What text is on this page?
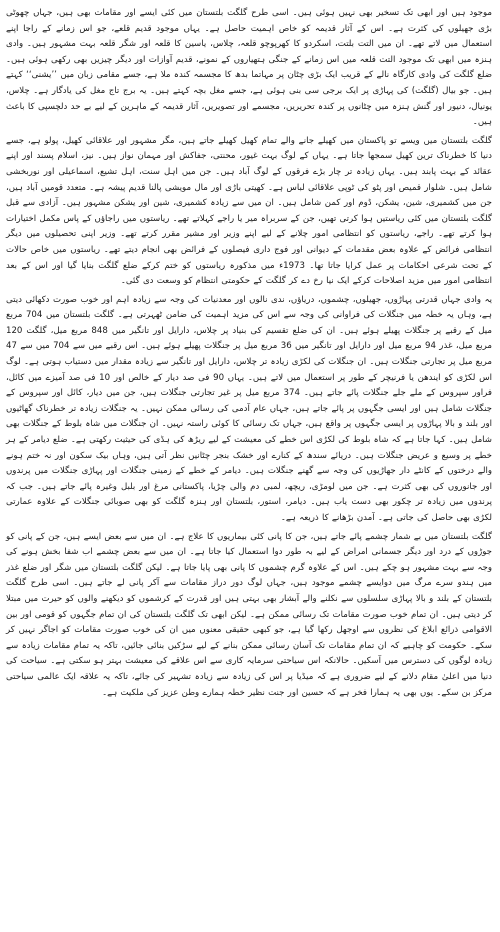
موجود ہیں اور ابھی تک تسخیر بھی نہیں ہوئی ہیں۔ اسی طرح گلگت بلتستان میں کئی ایسے اور مقامات بھی ہیں، جہاں چھوٹی بڑی جھیلوں کی کثرت ہے۔ اس کے آثار قدیمہ کو خاص اہمیت حاصل ہے۔ یہاں موجود قدیم قلعے، جو اس زمانے کے راجا اپنے استعمال میں لاتے تھے۔ ان میں التت بلتت، اسکردو کا کھرپوچو قلعہ، چلاس، یاسین کا قلعہ اور شگر قلعہ بہت مشہور ہیں۔ وادی ہنزہ میں ابھی تک موجود التت قلعہ میں اس زمانے کے جنگی ہتھیاروں کے نمونے، قدیم آوازات اور دیگر چیزیں بھی رکھی ہوئی ہیں۔ ضلع گلگت کی وادی کارگاہ نالے کے قریب ایک بڑی چٹان پر مہاتما بدھ کا مجسمہ کندہ ملا ہے، جسے مقامی زبان میں ’’یشنی‘‘ کہتے ہیں۔ جو بیال (گلگت) کی پہاڑی پر ایک برجی سی بنی ہوئی ہے، جسے مغل بچہ کہتے ہیں۔ یہ برج تاج مغل کی یادگار ہے۔ چلاس، یونیال، دنیور اور گنش ہنزہ میں چٹانوں پر کندہ تحریریں، مجسمے اور تصویریں، آثار قدیمہ کے ماہرین کے لیے بے حد دلچسپی کا باعث ہیں۔

گلگت بلتستان میں ویسے تو پاکستان میں کھیلے جانے والے تمام کھیل کھیلے جاتے ہیں، مگر مشہور اور علاقائی کھیل، پولو ہے، جسے دنیا کا خطرناک ترین کھیل سمجھا جاتا ہے۔ یہاں کے لوگ بہت غیور، محنتی، جفاکش اور مہمان نواز ہیں۔ نیز، اسلام پسند اور اپنے عقائد کے بہت پابند ہیں۔ یہاں زیادہ تر چار بڑے فرقوں کے لوگ آباد ہیں۔ جن میں اہل سنت، اہل تشیع، اسماعیلی اور نوربخشی شامل ہیں۔ شلوار قمیص اور پٹو کی ٹوپی علاقائی لباس ہے۔ کھیتی باڑی اور مال مویشی پالنا قدیم پیشہ ہے۔ متعدد قومیں آباد ہیں، جن میں کشمیری، شین، یشکن، ڈوم اور کمن شامل ہیں۔ ان میں سے زیادہ کشمیری، شین اور یشکن مشہور ہیں۔ آزادی سے قبل گلگت بلتستان میں کئی ریاستیں ہوا کرتی تھیں، جن کے سربراہ میر یا راجے کہلاتے تھے۔ ریاستوں میں راجاؤں کے پاس مکمل اختیارات ہوا کرتے تھے۔ راجے، ریاستوں کو انتظامی امور چلانے کے لیے اپنے وزیر اور مشیر مقرر کرتے تھے۔ وزیر اپنی تحصیلوں میں دیگر انتظامی فرائض کے علاوہ بعض مقدمات کے دیوانی اور فوج داری فیصلوں کے فرائض بھی انجام دیتے تھے۔ ریاستوں میں خاص حالات کے تحت شرعی احکامات پر عمل کرایا جاتا تھا۔ 1973ء میں مذکورہ ریاستوں کو ختم کرکے ضلع گلگت بنایا گیا اور اس کے بعد انتظامی امور میں مزید اصلاحات کرکے ایک نیا رخ دے کر گلگت کے حکومتی انتظام کو وسعت دی گئی۔

یہ وادی جہاں قدرتی پہاڑوں، جھیلوں، چشموں، دریاؤں، ندی نالوں اور معدنیات کی وجہ سے زیادہ اہم اور خوب صورت دکھائی دیتی ہے، وہاں یہ خطہ میں جنگلات کی فراوانی کی وجہ سے اس کی مزید اہمیت کی ضامن ٹھہرتی ہے۔ گلگت بلتستان میں 704 مربع میل کے رقبے پر جنگلات پھیلے ہوئے ہیں۔ ان کی ضلع تقسیم کی بنیاد پر چلاس، دارایل اور تانگیر میں 848 مربع میل، گلگت 120 مربع میل، غذر 94 مربع میل اور دارایل اور تانگیر میں 36 مربع میل پر جنگلات پھیلے ہوئے ہیں۔ اس رقبے میں سے 704 میں سے 47 مربع میل پر تجارتی جنگلات ہیں۔ ان جنگلات کی لکڑی زیادہ تر چلاس، دارایل اور تانگیر سے زیادہ مقدار میں دستیاب ہوتی ہے۔ لوگ اس لکڑی کو ایندھن یا فرنیچر کے طور پر استعمال میں لاتے ہیں۔ یہاں 90 فی صد دیار کے خالص اور 10 فی صد آمیزے میں کائل، فراور سپروس کے ملے جلے جنگلات پائے جاتے ہیں۔ 374 مربع میل پر غیر تجارتی جنگلات ہیں، جن میں دیار، کائل اور سپروس کے جنگلات شامل ہیں اور ایسی جگہوں پر پائے جاتے ہیں، جہاں عام آدمی کی رسائی ممکن نہیں۔ یہ جنگلات زیادہ تر خطرناک گھاٹیوں اور بلند و بالا پہاڑوں پر ایسی جگہوں پر واقع ہیں، جہاں تک رسائی کا کوئی راستہ نہیں۔ ان جنگلات میں شاہ بلوط کے جنگلات بھی شامل ہیں۔ کہا جاتا ہے کہ شاہ بلوط کی لکڑی اس خطے کی معیشت کے لیے ریڑھ کی ہڈی کی حیثیت رکھتی ہے۔ ضلع دیامر کے ہر خطے پر وسیع و عریض جنگلات ہیں۔ دریائے سندھ کے کنارے اور خشک بنجر چٹانیں نظر آتی ہیں، وہاں بیک سکون اور نہ ختم ہونے والے درختوں کے کانٹے دار جھاڑیوں کی وجہ سے گھنے جنگلات ہیں۔ دیامر کے خطے کے زمینی جنگلات اور پہاڑی جنگلات میں پرندوں اور جانوروں کی بھی کثرت ہے۔ جن میں لومڑی، ریچھ، لمبی دم والی چڑیا، پاکستانی مرغ اور بلبل وغیرہ پائے جاتے ہیں۔ جب کہ پرندوں میں زیادہ تر چکور بھی دست یاب ہیں۔ دیامر، استور، بلتستان اور ہنزہ گلگت کو بھی صوبائی جنگلات کے علاوہ عمارتی لکڑی بھی حاصل کی جاتی ہے۔ آمدن بڑھانے کا ذریعہ ہے۔

گلگت بلتستان میں بے شمار چشمے پائے جاتے ہیں، جن کا پانی کئی بیماریوں کا علاج ہے۔ ان میں سے بعض ایسے ہیں، جن کے پانی کو جوڑوں کے درد اور دیگر جسمانی امراض کے لیے بہ طور دوا استعمال کیا جاتا ہے۔ ان میں سے بعض چشمے اب شفا بخش ہونے کی وجہ سے بہت مشہور ہو چکے ہیں۔ اس کے علاوہ گرم چشموں کا پانی بھی پایا جاتا ہے۔ لیکن گلگت بلتستان میں شگر اور ضلع غذر میں ہندو سرے مرگ میں دوایسے چشمے موجود ہیں، جہاں لوگ دور دراز مقامات سے آکر پانی لے جاتے ہیں۔ اسی طرح گلگت بلتستان کے بلند و بالا پہاڑی سلسلوں سے نکلنے والے آبشار بھی بہتی ہیں اور قدرت کے کرشموں کو دیکھنے والوں کو حیرت میں مبتلا کر دیتی ہیں۔ ان تمام خوب صورت مقامات تک رسائی ممکن ہے۔ لیکن ابھی تک گلگت بلتستان کی ان تمام جگہوں کو قومی اور بین الاقوامی ذرائع ابلاغ کی نظروں سے اوجھل رکھا گیا ہے، جو کبھی حقیقی معنوں میں ان کی خوب صورت مقامات کو اجاگر نہیں کر سکے۔ حکومت کو چاہیے کہ ان تمام مقامات تک آسان رسائی ممکن بنانے کے لیے سڑکیں بنائی جائیں، تاکہ یہ تمام مقامات زیادہ سے زیادہ لوگوں کی دسترس میں آسکیں۔ حالانکہ اس سیاحتی سرمایہ کاری سے اس علاقے کی معیشت بہتر ہو سکتی ہے۔ سیاحت کی دنیا میں اعلیٰ مقام دلانے کے لیے ضروری ہے کہ میڈیا پر اس کی زیادہ سے زیادہ تشہیر کی جائے، تاکہ یہ علاقہ ایک عالمی سیاحتی مرکز بن سکے۔ یوں بھی یہ ہمارا فخر ہے کہ حسین اور جنت نظیر خطہ ہمارے وطن عزیز کی ملکیت ہے۔
